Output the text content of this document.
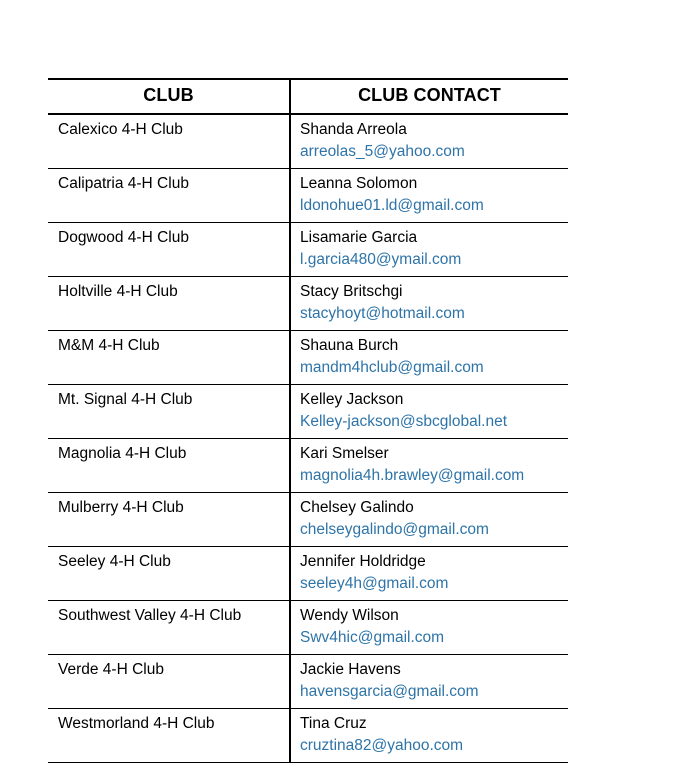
CLUB	CLUB CONTACT
Calexico 4-H Club	Shanda Arreola
arreolas_5@yahoo.com

Calipatria 4-H Club	Leanna Solomon
ldonohue01.ld@gmail.com

Dogwood 4-H Club	Lisamarie Garcia
l.garcia480@ymail.com

Holtville 4-H Club	Stacy Britschgi
stacyhoyt@hotmail.com

M&M 4-H Club	Shauna Burch
mandm4hclub@gmail.com

Mt. Signal 4-H Club	Kelley Jackson
Kelley-jackson@sbcglobal.net

Magnolia 4-H Club	Kari Smelser
magnolia4h.brawley@gmail.com

Mulberry 4-H Club	Chelsey Galindo
chelseygalindo@gmail.com

Seeley 4-H Club	Jennifer Holdridge
seeley4h@gmail.com

Southwest Valley 4-H Club	Wendy Wilson
Swv4hic@gmail.com

Verde 4-H Club	Jackie Havens
havensgarcia@gmail.com

Westmorland 4-H Club	Tina Cruz
cruztina82@yahoo.com
